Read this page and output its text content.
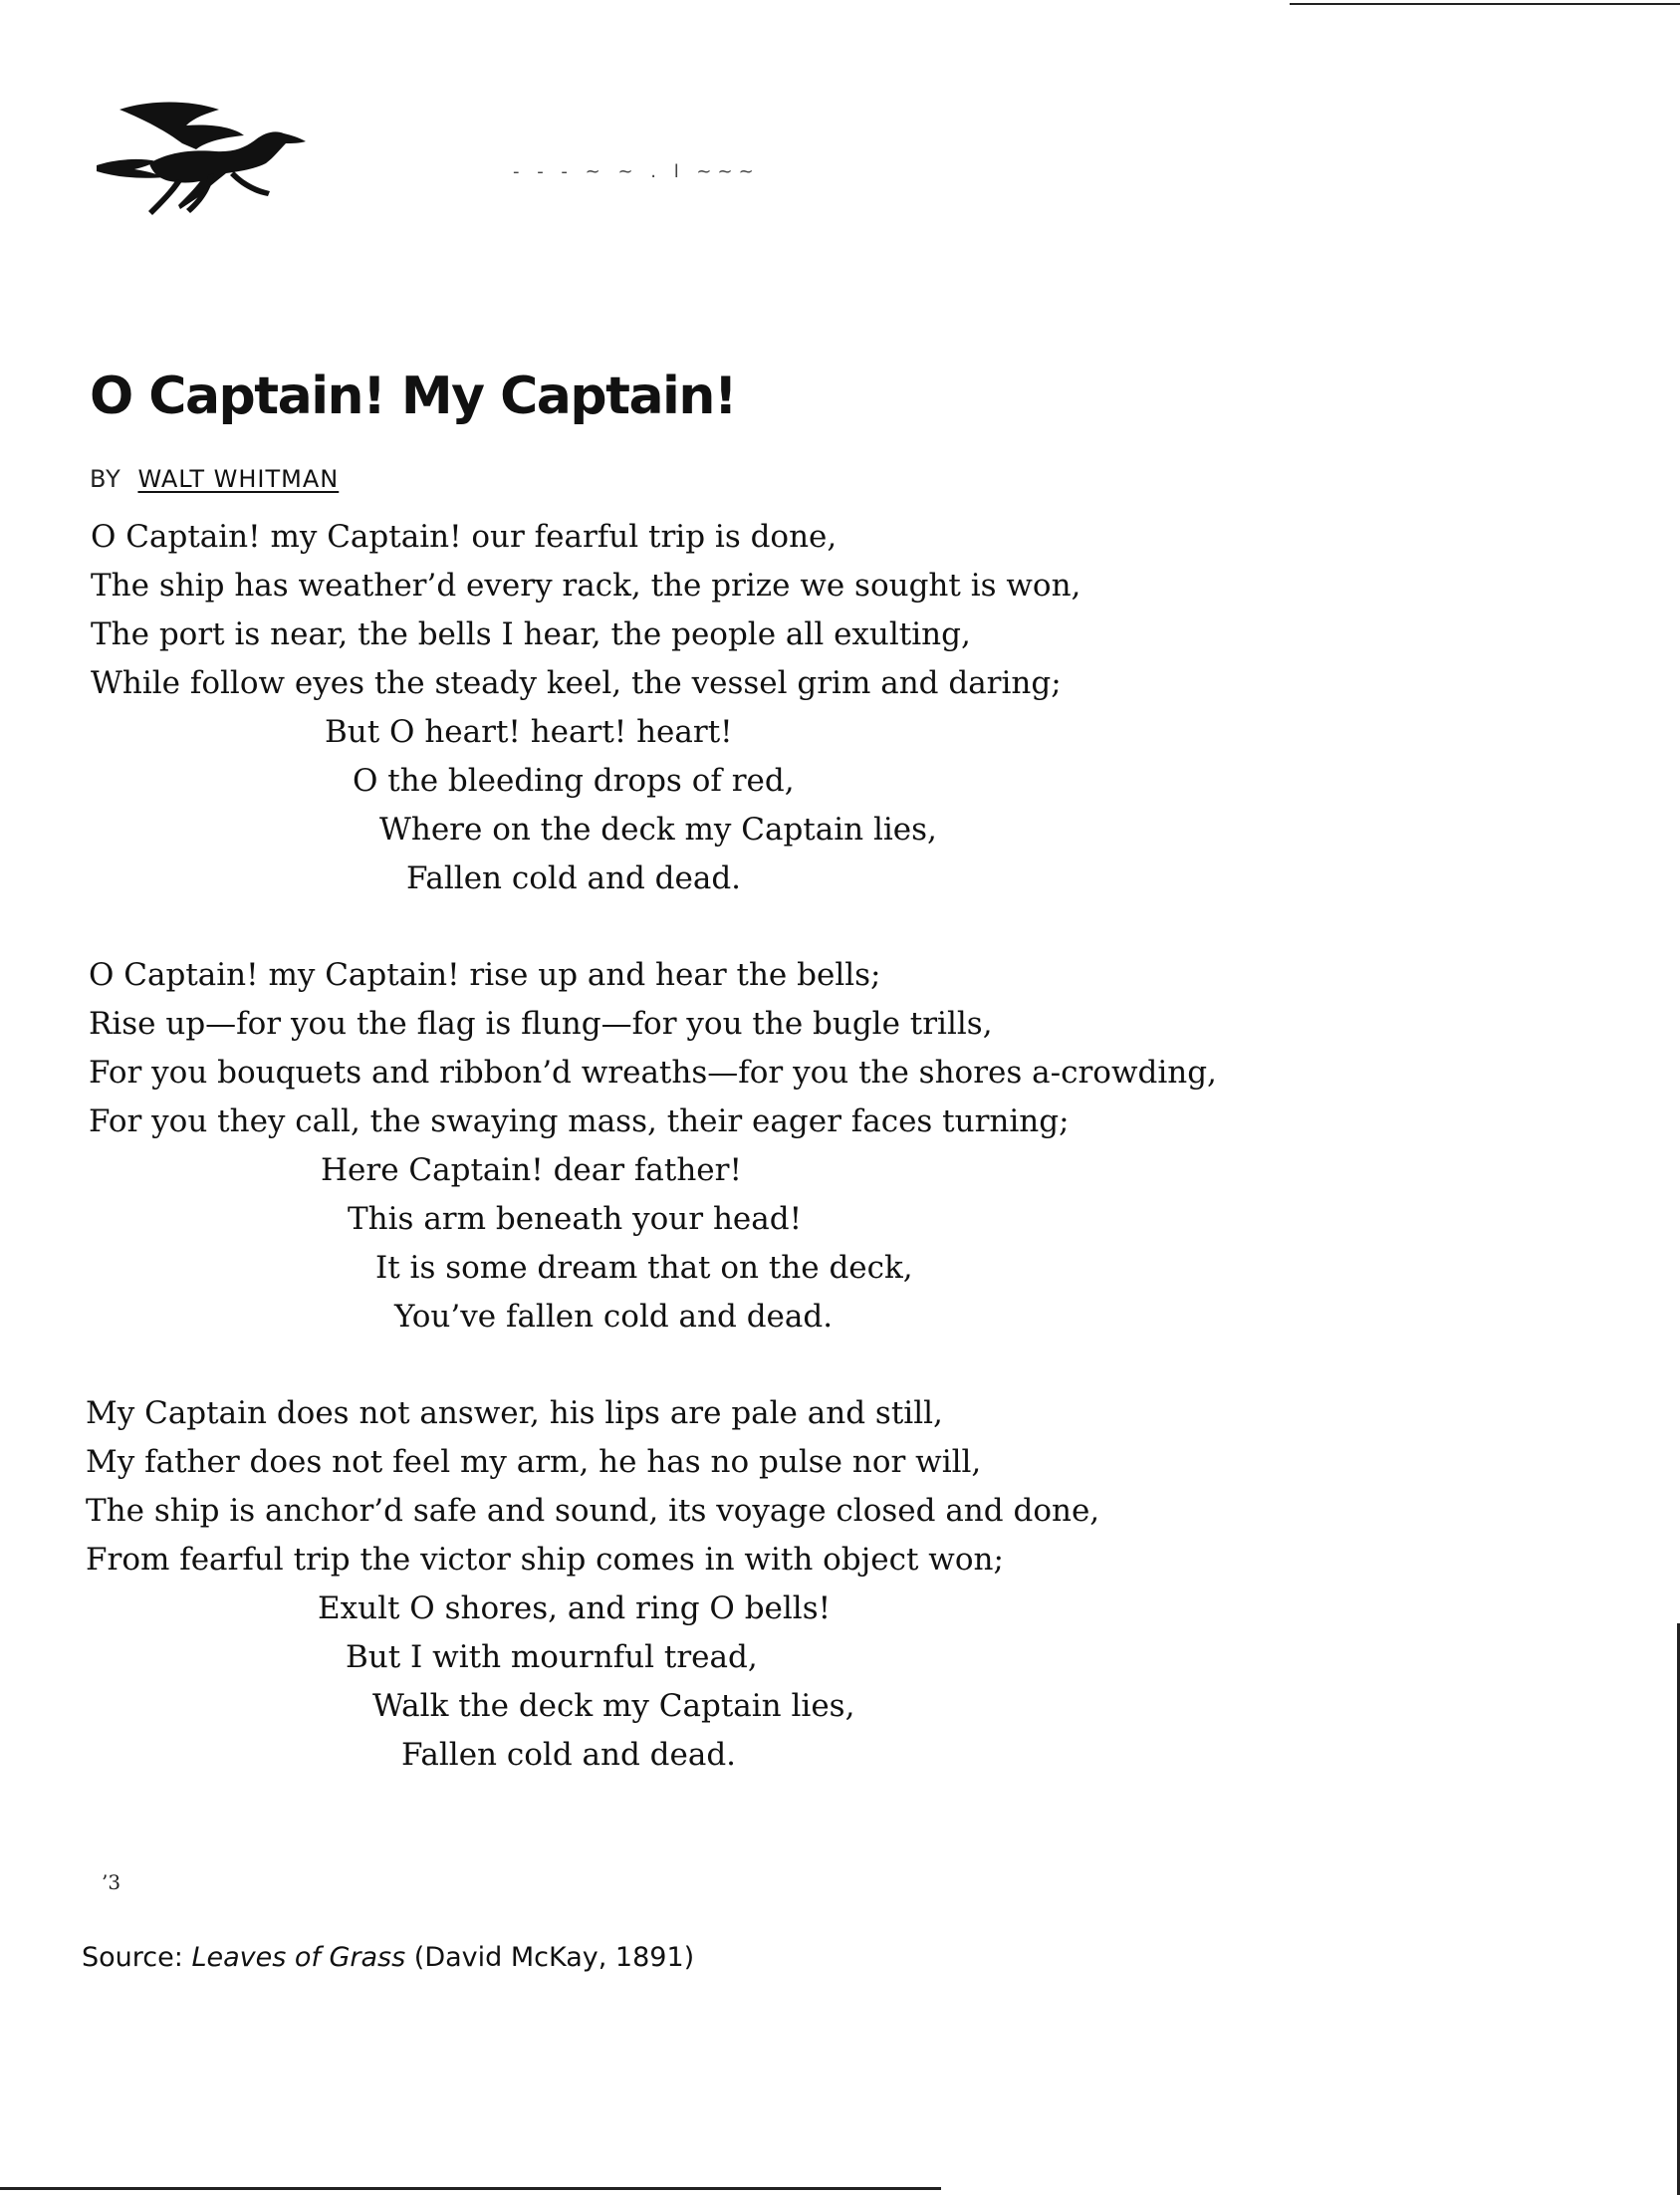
- - - ~ ~ . l ~~~
O Captain! My Captain!
BY WALT WHITMAN
O Captain! my Captain! our fearful trip is done,
The ship has weather’d every rack, the prize we sought is won,
The port is near, the bells I hear, the people all exulting,
While follow eyes the steady keel, the vessel grim and daring;
But O heart! heart! heart!
O the bleeding drops of red,
Where on the deck my Captain lies,
Fallen cold and dead.
O Captain! my Captain! rise up and hear the bells;
Rise up—for you the flag is flung—for you the bugle trills,
For you bouquets and ribbon’d wreaths—for you the shores a-crowding,
For you they call, the swaying mass, their eager faces turning;
Here Captain! dear father!
This arm beneath your head!
It is some dream that on the deck,
You’ve fallen cold and dead.
My Captain does not answer, his lips are pale and still,
My father does not feel my arm, he has no pulse nor will,
The ship is anchor’d safe and sound, its voyage closed and done,
From fearful trip the victor ship comes in with object won;
Exult O shores, and ring O bells!
But I with mournful tread,
Walk the deck my Captain lies,
Fallen cold and dead.
’3
Source: Leaves of Grass (David McKay, 1891)
